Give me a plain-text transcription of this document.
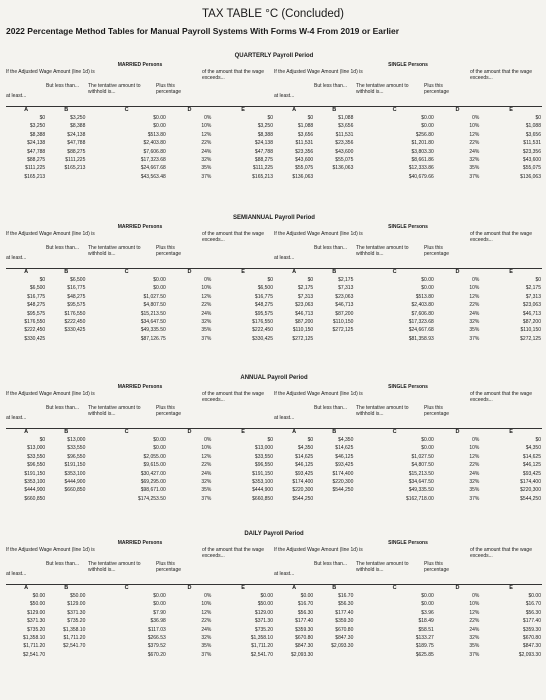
TAX TABLE °C (Concluded)
2022 Percentage Method Tables for Manual Payroll Systems With Forms W-4 From 2019 or Earlier
QUARTERLY Payroll Period
MARRIED Persons
If the Adjusted Wage Amount (line 1d) is
at least...
But less than...	The tentative amount to withhold is...
Plus this percentage
of the amount that the wage exceeds...
A	B	C	D	E
$0	$3,250	$0.00	0%	$0
$3,250	$8,388	$0.00	10%	$3,250
$8,388	$24,138	$513.80	12%	$8,388
$24,138	$47,788	$2,403.80	22%	$24,138
$47,788	$88,275	$7,606.80	24%	$47,788
$88,275	$111,225	$17,323.68	32%	$88,275
$111,225	$165,213	$24,667.68	35%	$111,225
$165,213		$43,563.48	37%	$165,213
SINGLE Persons
If the Adjusted Wage Amount (line 1d) is
at least...
But less than...	The tentative amount to withhold is...
Plus this percentage
of the amount that the wage exceeds...
A	B	C	D	E
$0	$1,088	$0.00	0%	$0
$1,088	$3,656	$0.00	10%	$1,088
$3,656	$11,531	$256.80	12%	$3,656
$11,531	$23,356	$1,201.80	22%	$11,531
$23,356	$43,600	$3,803.30	24%	$23,356
$43,600	$55,075	$8,661.86	32%	$43,600
$55,075	$136,063	$12,333.86	35%	$55,075
$136,063		$40,679.66	37%	$136,063
SEMIANNUAL Payroll Period
MARRIED Persons
If the Adjusted Wage Amount (line 1d) is
at least...
But less than...	The tentative amount to withhold is...
Plus this percentage
of the amount that the wage exceeds...
A	B	C	D	E
$0	$6,500	$0.00	0%	$0
$6,500	$16,775	$0.00	10%	$6,500
$16,775	$48,275	$1,027.50	12%	$16,775
$48,275	$95,575	$4,807.50	22%	$48,275
$95,575	$176,550	$15,213.50	24%	$95,575
$176,550	$222,450	$34,647.50	32%	$176,550
$222,450	$330,425	$49,335.50	35%	$222,450
$330,425		$87,126.75	37%	$330,425
SINGLE Persons
If the Adjusted Wage Amount (line 1d) is
at least...
But less than...	The tentative amount to withhold is...
Plus this percentage
of the amount that the wage exceeds...
A	B	C	D	E
$0	$2,175	$0.00	0%	$0
$2,175	$7,313	$0.00	10%	$2,175
$7,313	$23,063	$513.80	12%	$7,313
$23,063	$46,713	$2,403.80	22%	$23,063
$46,713	$87,200	$7,606.80	24%	$46,713
$87,200	$110,150	$17,323.68	32%	$87,200
$110,150	$272,125	$24,667.68	35%	$110,150
$272,125		$81,358.93	37%	$272,125
ANNUAL Payroll Period
MARRIED Persons
If the Adjusted Wage Amount (line 1d) is
at least...
But less than...	The tentative amount to withhold is...
Plus this percentage
of the amount that the wage exceeds...
A	B	C	D	E
$0	$13,000	$0.00	0%	$0
$13,000	$33,550	$0.00	10%	$13,000
$33,550	$96,550	$2,055.00	12%	$33,550
$96,550	$191,150	$9,615.00	22%	$96,550
$191,150	$353,100	$30,427.00	24%	$191,150
$353,100	$444,900	$69,295.00	32%	$353,100
$444,900	$660,850	$98,671.00	35%	$444,900
$660,850		$174,253.50	37%	$660,850
SINGLE Persons
If the Adjusted Wage Amount (line 1d) is
at least...
But less than...	The tentative amount to withhold is...
Plus this percentage
of the amount that the wage exceeds...
A	B	C	D	E
$0	$4,350	$0.00	0%	$0
$4,350	$14,625	$0.00	10%	$4,350
$14,625	$46,125	$1,027.50	12%	$14,625
$46,125	$93,425	$4,807.50	22%	$46,125
$93,425	$174,400	$15,213.50	24%	$93,425
$174,400	$220,300	$34,647.50	32%	$174,400
$220,300	$544,250	$49,335.50	35%	$220,300
$544,250		$162,718.00	37%	$544,250
DAILY Payroll Period
MARRIED Persons
If the Adjusted Wage Amount (line 1d) is
at least...
But less than...	The tentative amount to withhold is...
Plus this percentage
of the amount that the wage exceeds...
A	B	C	D	E
$0.00	$50.00	$0.00	0%	$0.00
$50.00	$129.00	$0.00	10%	$50.00
$129.00	$371.30	$7.90	12%	$129.00
$371.30	$735.20	$36.98	22%	$371.30
$735.20	$1,358.10	$117.03	24%	$735.20
$1,358.10	$1,711.20	$266.53	32%	$1,358.10
$1,711.20	$2,541.70	$379.52	35%	$1,711.20
$2,541.70		$670.20	37%	$2,541.70
SINGLE Persons
If the Adjusted Wage Amount (line 1d) is
at least...
But less than...	The tentative amount to withhold is...
Plus this percentage
of the amount that the wage exceeds...
A	B	C	D	E
$0.00	$16.70	$0.00	0%	$0.00
$16.70	$56.30	$0.00	10%	$16.70
$56.30	$177.40	$3.96	12%	$56.30
$177.40	$359.30	$18.49	22%	$177.40
$359.30	$670.80	$58.51	24%	$359.30
$670.80	$847.30	$133.27	32%	$670.80
$847.30	$2,093.30	$189.75	35%	$847.30
$2,093.30		$625.85	37%	$2,093.30
